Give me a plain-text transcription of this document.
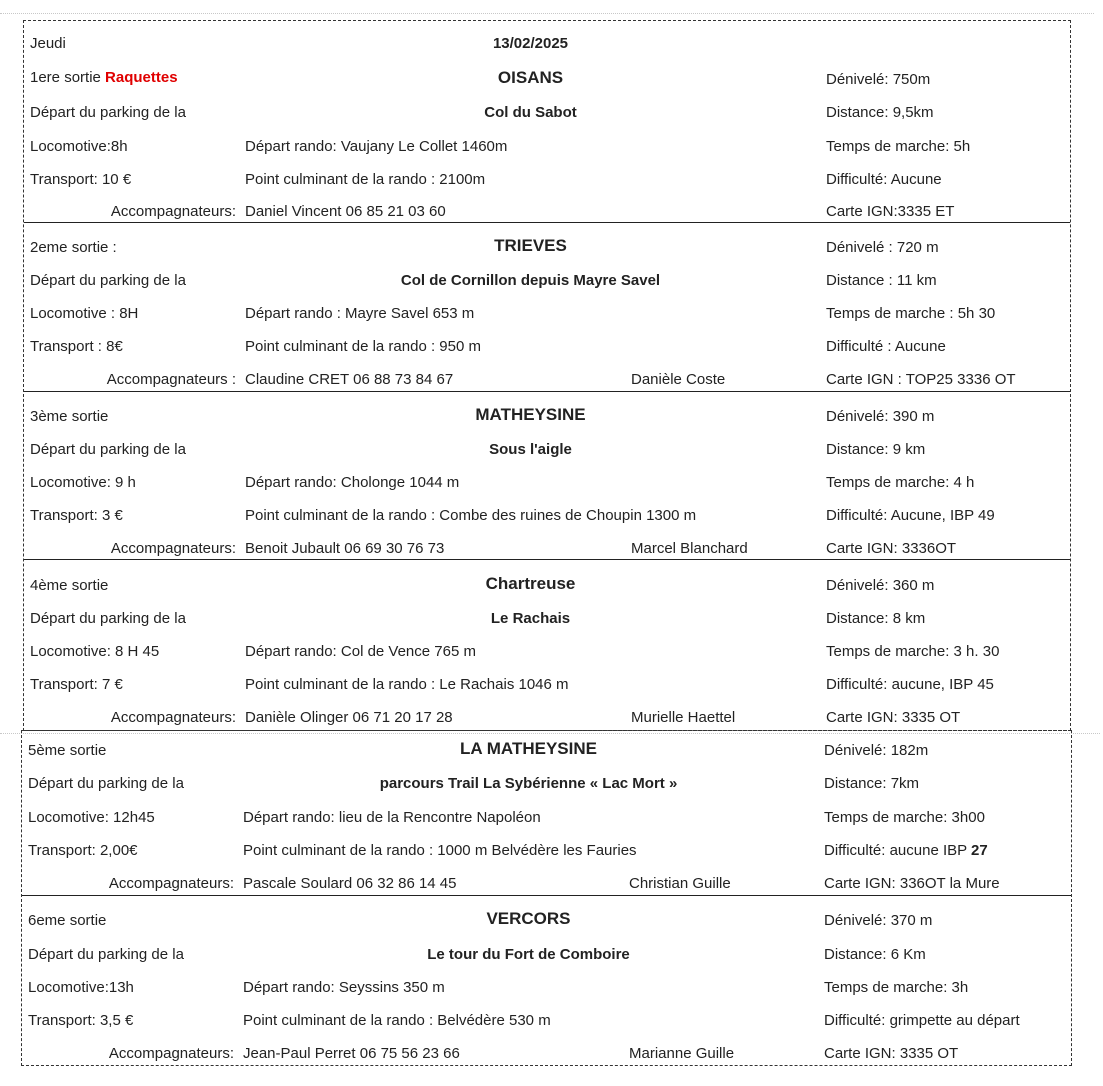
Jeudi	13/02/2025
1ere sortie Raquettes	OISANS	Dénivelé: 750m
Départ du parking de la	Col du Sabot	Distance: 9,5km
Locomotive:8h	Départ rando: Vaujany Le Collet 1460m	Temps de marche: 5h
Transport: 10 €	Point culminant de la rando : 2100m	Difficulté: Aucune
Accompagnateurs: Daniel Vincent 06 85 21 03 60	Carte IGN:3335 ET
2eme sortie :	TRIEVES	Dénivelé : 720 m
Départ du parking de la	Col de Cornillon depuis Mayre Savel	Distance : 11 km
Locomotive : 8H	Départ rando : Mayre Savel 653 m	Temps de marche : 5h 30
Transport : 8€	Point culminant de la rando : 950 m	Difficulté : Aucune
Accompagnateurs : Claudine CRET 06 88 73 84 67	Danièle Coste	Carte IGN : TOP25 3336 OT
3ème sortie	MATHEYSINE	Dénivelé: 390 m
Départ du parking de la	Sous l'aigle	Distance: 9 km
Locomotive: 9 h	Départ rando: Cholonge 1044 m	Temps de marche: 4 h
Transport: 3 €	Point culminant de la rando : Combe des ruines de Choupin 1300 m	Difficulté: Aucune, IBP 49
Accompagnateurs: Benoit Jubault 06 69 30 76 73	Marcel Blanchard	Carte IGN: 3336OT
4ème sortie	Chartreuse	Dénivelé: 360 m
Départ du parking de la	Le Rachais	Distance: 8 km
Locomotive: 8 H 45	Départ rando: Col de Vence 765 m	Temps de marche: 3 h. 30
Transport: 7 €	Point culminant de la rando : Le Rachais 1046 m	Difficulté: aucune, IBP 45
Accompagnateurs: Danièle Olinger 06 71 20 17 28	Murielle Haettel	Carte IGN: 3335 OT
5ème sortie	LA MATHEYSINE	Dénivelé: 182m
Départ du parking de la	parcours Trail La Sybérienne « Lac Mort »	Distance: 7km
Locomotive: 12h45	Départ rando: lieu de la Rencontre Napoléon	Temps de marche: 3h00
Transport: 2,00€	Point culminant de la rando : 1000 m Belvédère les Fauries	Difficulté: aucune IBP 27
Accompagnateurs: Pascale Soulard 06 32 86 14 45	Christian Guille	Carte IGN: 336OT la Mure
6eme sortie	VERCORS	Dénivelé: 370 m
Départ du parking de la	Le tour du Fort de Comboire	Distance: 6 Km
Locomotive:13h	Départ rando: Seyssins 350 m	Temps de marche: 3h
Transport: 3,5 €	Point culminant de la rando : Belvédère 530 m	Difficulté: grimpette au départ
Accompagnateurs: Jean-Paul Perret 06 75 56 23 66	Marianne Guille	Carte IGN: 3335 OT
